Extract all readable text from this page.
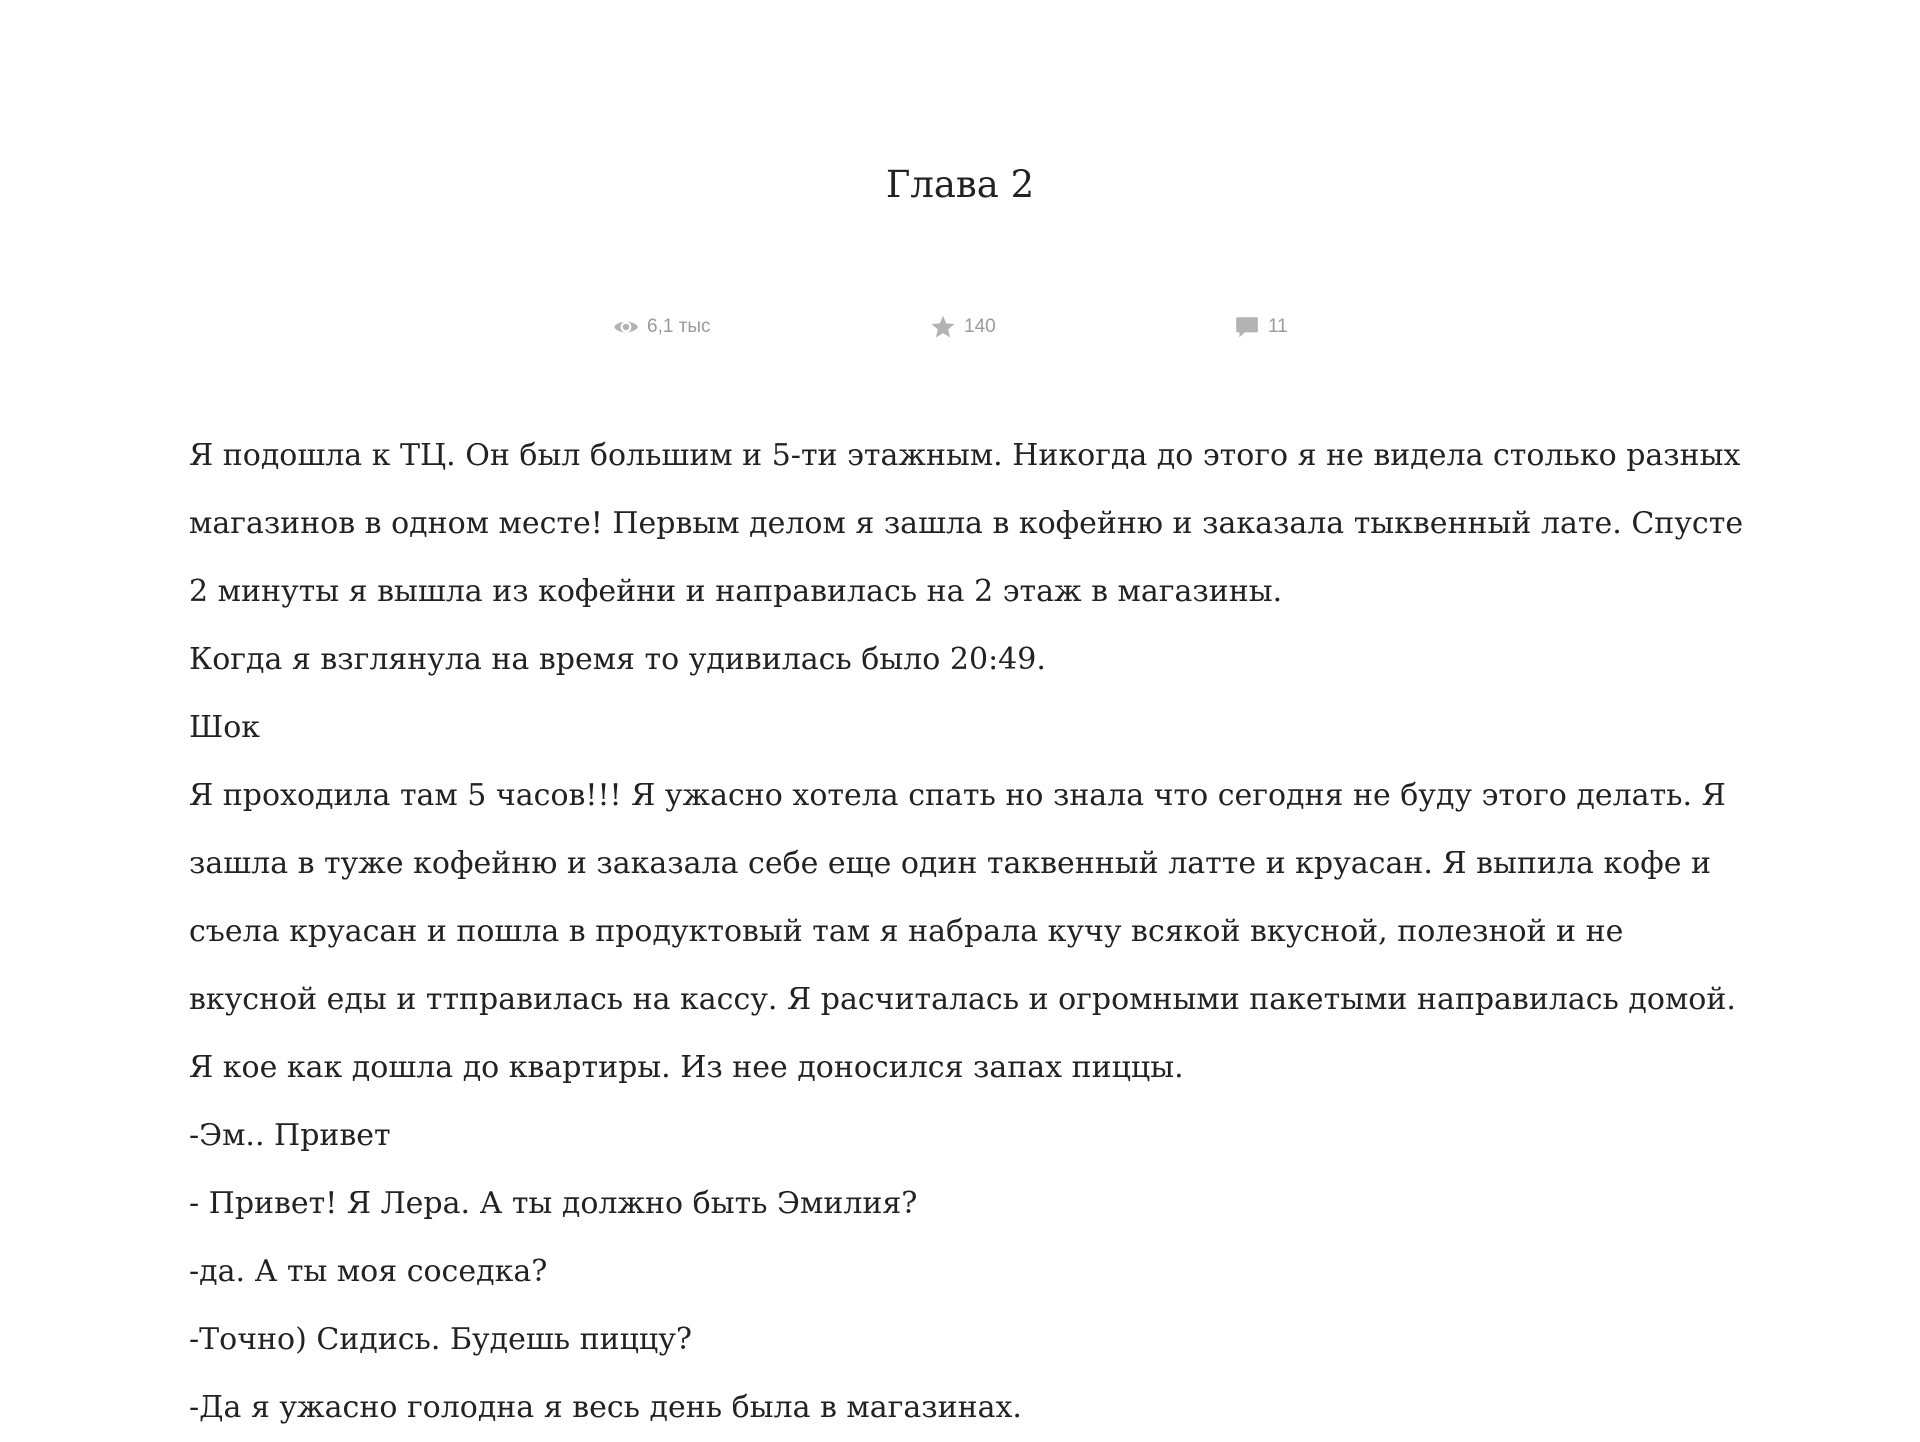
Глава 2
6,1 тыс	140	11

Я подошла к ТЦ. Он был большим и 5-ти этажным. Никогда до этого я не видела столько разных магазинов в одном месте! Первым делом я зашла в кофейню и заказала тыквенный лате. Спусте 2 минуты я вышла из кофейни и направилась на 2 этаж в магазины.

Когда я взглянула на время то удивилась было 20:49.

Шок

Я проходила там 5 часов!!! Я ужасно хотела спать но знала что сегодня не буду этого делать. Я зашла в туже кофейню и заказала себе еще один таквенный латте и круасан. Я выпила кофе и съела круасан и пошла в продуктовый там я набрала кучу всякой вкусной, полезной и не вкусной еды и ттправилась на кассу. Я расчиталась и огромными пакетыми направилась домой. Я кое как дошла до квартиры. Из нее доносился запах пиццы.

-Эм.. Привет

- Привет! Я Лера. А ты должно быть Эмилия?

-да. А ты моя соседка?

-Точно) Сидись. Будешь пиццу?

-Да я ужасно голодна я весь день была в магазинах.
